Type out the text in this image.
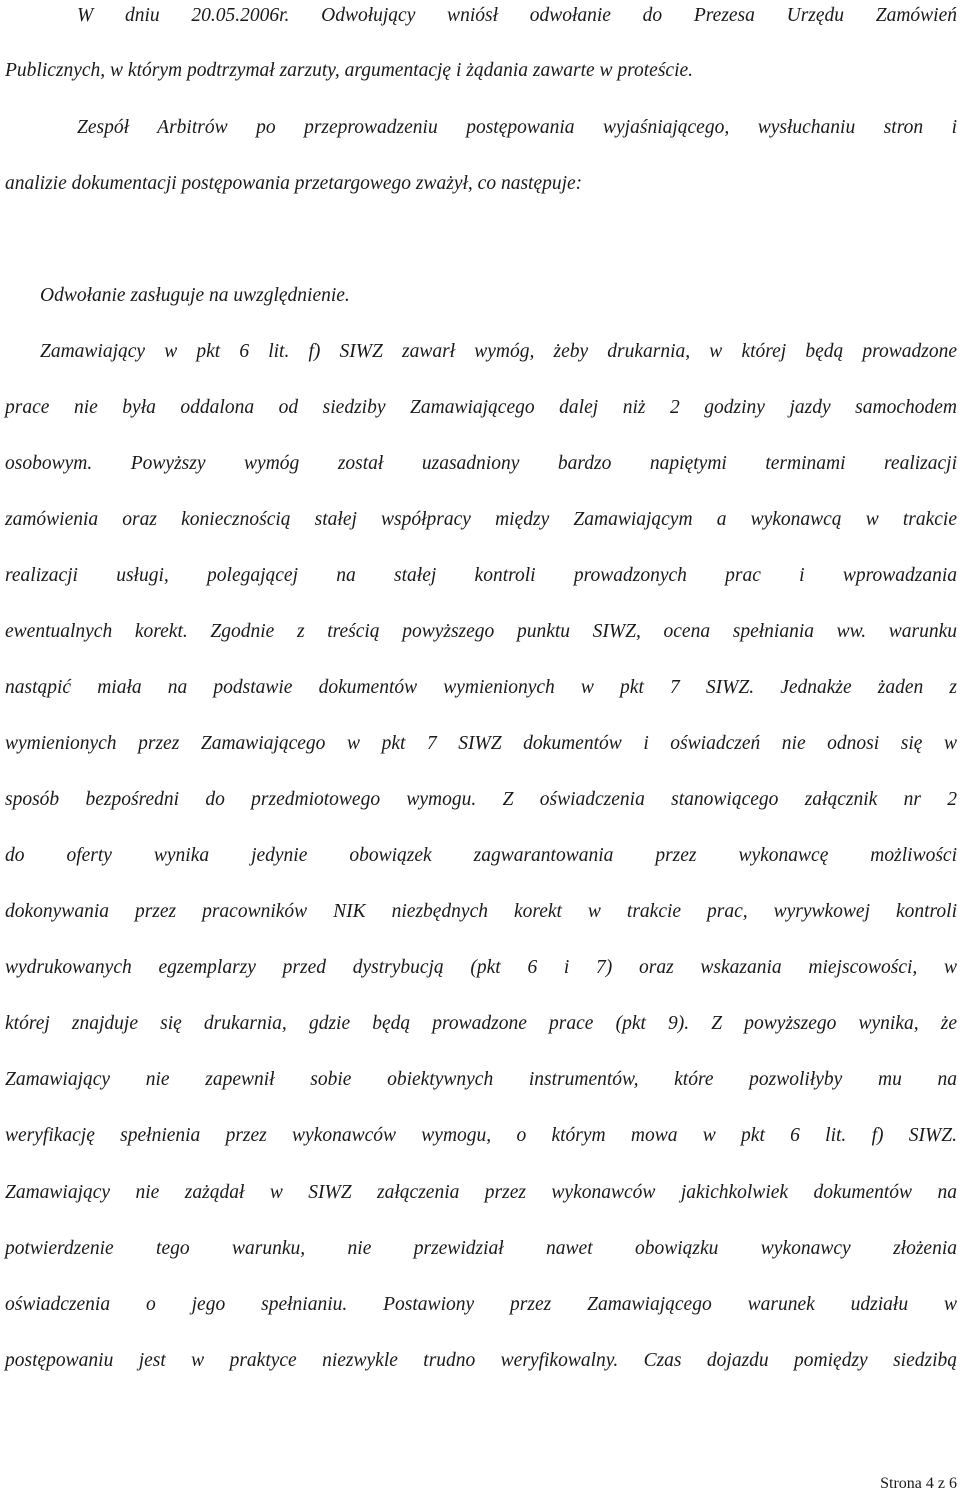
W dniu 20.05.2006r. Odwołujący wniósł odwołanie do Prezesa Urzędu Zamówień
Publicznych, w którym podtrzymał zarzuty, argumentację i żądania zawarte w proteście.
Zespół Arbitrów po przeprowadzeniu postępowania wyjaśniającego, wysłuchaniu stron i
analizie dokumentacji postępowania przetargowego zważył, co następuje:
Odwołanie zasługuje na uwzględnienie.
Zamawiający w pkt 6 lit. f) SIWZ zawarł wymóg, żeby drukarnia, w której będą prowadzone
prace nie była oddalona od siedziby Zamawiającego dalej niż 2 godziny jazdy samochodem
osobowym. Powyższy wymóg został uzasadniony bardzo napiętymi terminami realizacji
zamówienia oraz koniecznością stałej współpracy między Zamawiającym a wykonawcą w trakcie
realizacji usługi, polegającej na stałej kontroli prowadzonych prac i wprowadzania
ewentualnych korekt. Zgodnie z treścią powyższego punktu SIWZ, ocena spełniania ww. warunku
nastąpić miała na podstawie dokumentów wymienionych w pkt 7 SIWZ. Jednakże żaden z
wymienionych przez Zamawiającego w pkt 7 SIWZ dokumentów i oświadczeń nie odnosi się w
sposób bezpośredni do przedmiotowego wymogu. Z oświadczenia stanowiącego załącznik nr 2
do oferty wynika jedynie obowiązek zagwarantowania przez wykonawcę możliwości
dokonywania przez pracowników NIK niezbędnych korekt w trakcie prac, wyrywkowej kontroli
wydrukowanych egzemplarzy przed dystrybucją (pkt 6 i 7) oraz wskazania miejscowości, w
której znajduje się drukarnia, gdzie będą prowadzone prace (pkt 9). Z powyższego wynika, że
Zamawiający nie zapewnił sobie obiektywnych instrumentów, które pozwoliłyby mu na
weryfikację spełnienia przez wykonawców wymogu, o którym mowa w pkt 6 lit. f) SIWZ.
Zamawiający nie zażądał w SIWZ załączenia przez wykonawców jakichkolwiek dokumentów na
potwierdzenie tego warunku, nie przewidział nawet obowiązku wykonawcy złożenia
oświadczenia o jego spełnianiu. Postawiony przez Zamawiającego warunek udziału w
postępowaniu jest w praktyce niezwykle trudno weryfikowalny. Czas dojazdu pomiędzy siedzibą
Strona 4 z 6
